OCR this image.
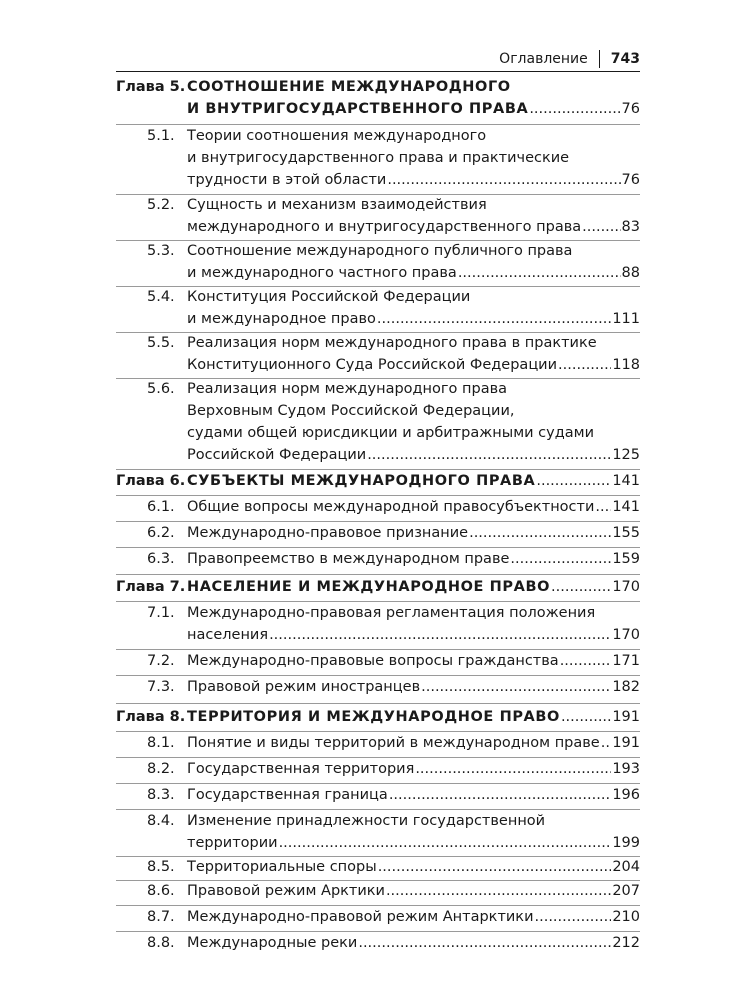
Оглавление 743
Глава 5. СООТНОШЕНИЕ МЕЖДУНАРОДНОГО
И ВНУТРИГОСУДАРСТВЕННОГО ПРАВА .....	76
5.1. Теории соотношения международного
и внутригосударственного права и практические
трудности в этой области .....	76
5.2. Сущность и механизм взаимодействия
международного и внутригосударственного права .....	83
5.3. Соотношение международного публичного права
и международного частного права .....	88
5.4. Конституция Российской Федерации
и международное право .....	111
5.5. Реализация норм международного права в практике
Конституционного Суда Российской Федерации .....	118
5.6. Реализация норм международного права
Верховным Судом Российской Федерации,
судами общей юрисдикции и арбитражными судами
Российской Федерации .....	125
Глава 6. СУБЪЕКТЫ МЕЖДУНАРОДНОГО ПРАВА .....	141
6.1. Общие вопросы международной правосубъектности ..... 141
6.2. Международно-правовое признание .....	155
6.3. Правопреемство в международном праве .....	159
Глава 7. НАСЕЛЕНИЕ И МЕЖДУНАРОДНОЕ ПРАВО .....	170
7.1. Международно-правовая регламентация положения
населения .....	170
7.2. Международно-правовые вопросы гражданства .....	171
7.3. Правовой режим иностранцев .....	182
Глава 8. ТЕРРИТОРИЯ И МЕЖДУНАРОДНОЕ ПРАВО .....	191
8.1. Понятие и виды территорий в международном праве ..... 191
8.2. Государственная территория .....	193
8.3. Государственная граница .....	196
8.4. Изменение принадлежности государственной
территории .....	199
8.5. Территориальные споры .....	204
8.6. Правовой режим Арктики .....	207
8.7. Международно-правовой режим Антарктики .....	210
8.8. Международные реки .....	212
